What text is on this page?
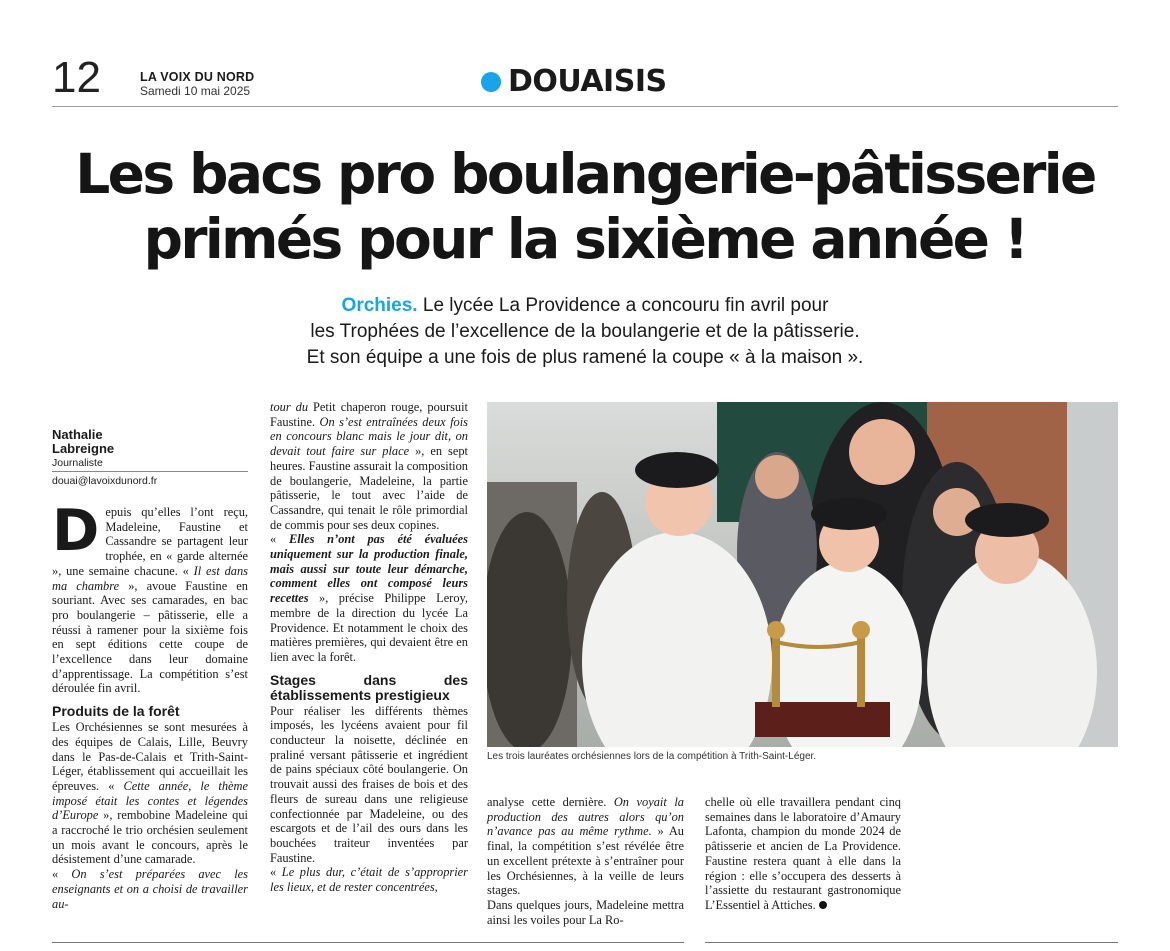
12	LA VOIX DU NORD
Samedi 10 mai 2025	DOUAISIS
Les bacs pro boulangerie-pâtisserie
primés pour la sixième année !
Orchies. Le lycée La Providence a concouru fin avril pour
les Trophées de l’excellence de la boulangerie et de la pâtisserie.
Et son équipe a une fois de plus ramené la coupe « à la maison ».
Nathalie
Labreigne
Journaliste
douai@lavoixdunord.fr

Depuis qu’elles l’ont reçu, Madeleine, Faustine et Cassandre se partagent leur trophée, en « garde alternée », une semaine chacune. « Il est dans ma chambre », avoue Faustine en souriant. Avec ses camarades, en bac pro boulangerie – pâtisserie, elle a réussi à ramener pour la sixième fois en sept éditions cette coupe de l’excellence dans leur domaine d’apprentissage. La compétition s’est déroulée fin avril.

Produits de la forêt

Les Orchésiennes se sont mesurées à des équipes de Calais, Lille, Beuvry dans le Pas-de-Calais et Trith-Saint-Léger, établissement qui accueillait les épreuves. « Cette année, le thème imposé était les contes et légendes d’Europe », rembobine Madeleine qui a raccroché le trio orchésien seulement un mois avant le concours, après le désistement d’une camarade.

« On s’est préparées avec les enseignants et on a choisi de travailler au-

tour du Petit chaperon rouge, poursuit Faustine. On s’est entraînées deux fois en concours blanc mais le jour dit, on devait tout faire sur place », en sept heures. Faustine assurait la composition de boulangerie, Madeleine, la partie pâtisserie, le tout avec l’aide de Cassandre, qui tenait le rôle primordial de commis pour ses deux copines.

« Elles n’ont pas été évaluées uniquement sur la production finale, mais aussi sur toute leur démarche, comment elles ont composé leurs recettes », précise Philippe Leroy, membre de la direction du lycée La Providence. Et notamment le choix des matières premières, qui devaient être en lien avec la forêt.

Stages dans des établissements prestigieux

Pour réaliser les différents thèmes imposés, les lycéens avaient pour fil conducteur la noisette, déclinée en praliné versant pâtisserie et ingrédient de pains spéciaux côté boulangerie. On trouvait aussi des fraises de bois et des fleurs de sureau dans une religieuse confectionnée par Madeleine, ou des escargots et de l’ail des ours dans les bouchées traiteur inventées par Faustine.

« Le plus dur, c’était de s’approprier les lieux, et de rester concentrées,

Les trois lauréates orchésiennes lors de la compétition à Trith-Saint-Léger.

analyse cette dernière. On voyait la production des autres alors qu’on n’avance pas au même rythme. » Au final, la compétition s’est révélée être un excellent prétexte à s’entraîner pour les Orchésiennes, à la veille de leurs stages.

Dans quelques jours, Madeleine mettra ainsi les voiles pour La Ro-

chelle où elle travaillera pendant cinq semaines dans le laboratoire d’Amaury Lafonta, champion du monde 2024 de pâtisserie et ancien de La Providence. Faustine restera quant à elle dans la région : elle s’occupera des desserts à l’assiette du restaurant gastronomique L’Essentiel à Attiches.
